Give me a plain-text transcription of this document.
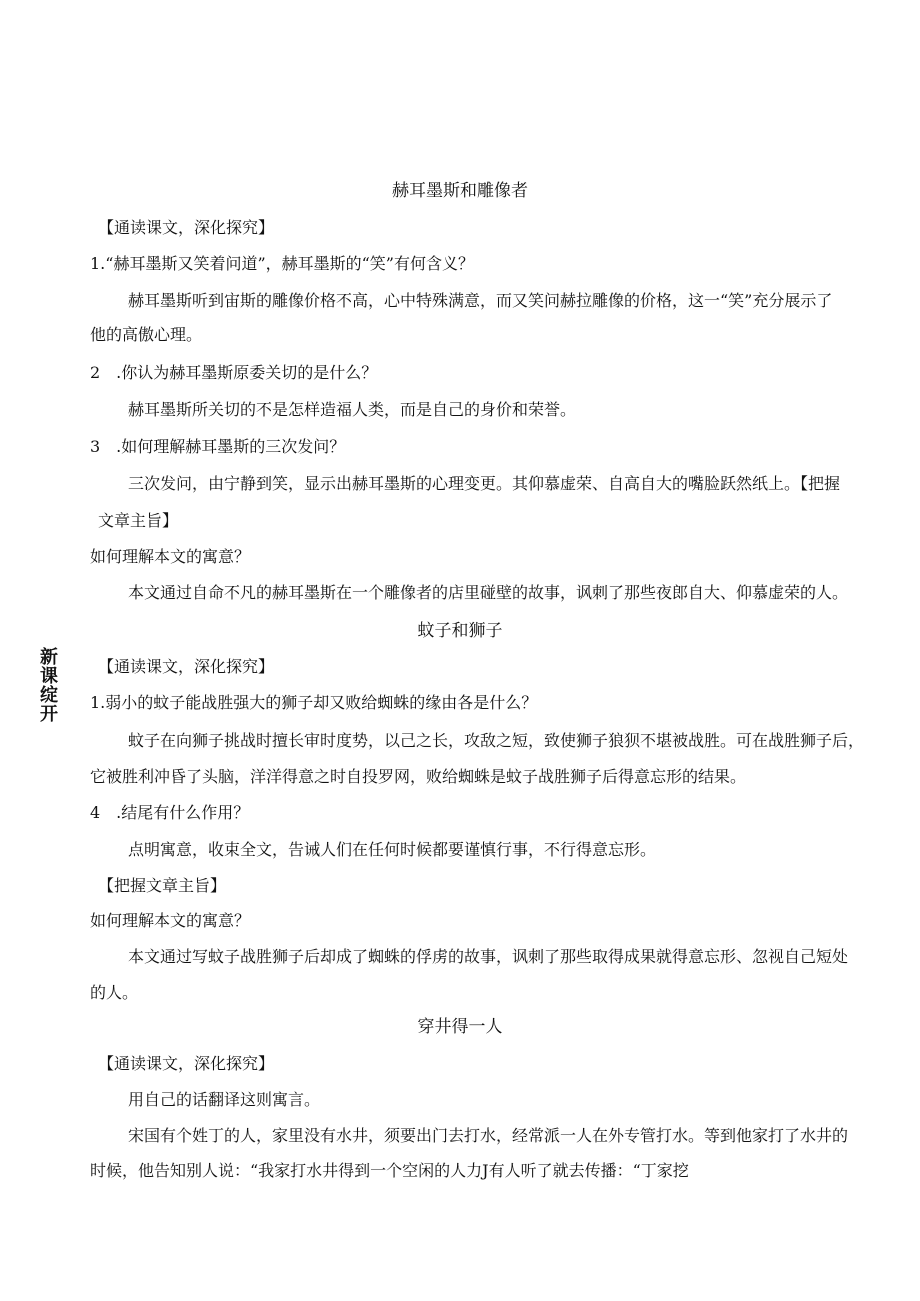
新课绽开
赫耳墨斯和雕像者
【通读课文，深化探究】
1.“赫耳墨斯又笑着问道”，赫耳墨斯的“笑”有何含义？
赫耳墨斯听到宙斯的雕像价格不高，心中特殊满意，而又笑问赫拉雕像的价格，这一“笑”充分展示了
他的高傲心理。
2　.你认为赫耳墨斯原委关切的是什么？
赫耳墨斯所关切的不是怎样造福人类，而是自己的身价和荣誉。
3　.如何理解赫耳墨斯的三次发问？
三次发问，由宁静到笑，显示出赫耳墨斯的心理变更。其仰慕虚荣、自高自大的嘴脸跃然纸上。【把握
文章主旨】
如何理解本文的寓意？
本文通过自命不凡的赫耳墨斯在一个雕像者的店里碰壁的故事，讽刺了那些夜郎自大、仰慕虚荣的人。
蚊子和狮子
【通读课文，深化探究】
1.弱小的蚊子能战胜强大的狮子却又败给蜘蛛的缘由各是什么？
蚊子在向狮子挑战时擅长审时度势，以己之长，攻敌之短，致使狮子狼狈不堪被战胜。可在战胜狮子后，
它被胜利冲昏了头脑，洋洋得意之时自投罗网，败给蜘蛛是蚊子战胜狮子后得意忘形的结果。
4　.结尾有什么作用？
点明寓意，收束全文，告诫人们在任何时候都要谨慎行事，不行得意忘形。
【把握文章主旨】
如何理解本文的寓意？
本文通过写蚊子战胜狮子后却成了蜘蛛的俘虏的故事，讽刺了那些取得成果就得意忘形、忽视自己短处
的人。
穿井得一人
【通读课文，深化探究】
用自己的话翻译这则寓言。
宋国有个姓丁的人，家里没有水井，须要出门去打水，经常派一人在外专管打水。等到他家打了水井的
时候，他告知别人说：“我家打水井得到一个空闲的人力J有人听了就去传播：“丁家挖
